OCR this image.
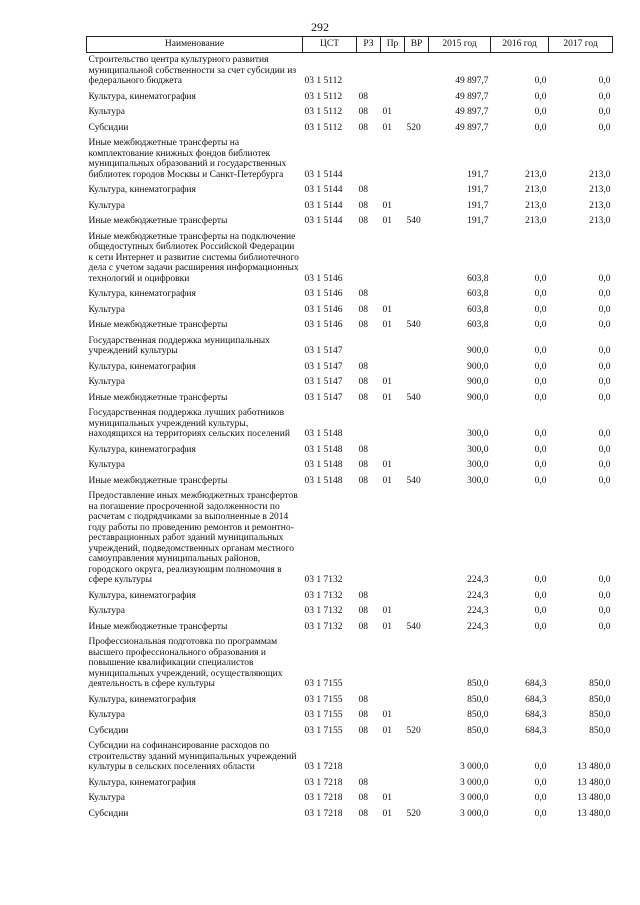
292
Наименование	ЦСТ	РЗ	Пр	ВР	2015 год	2016 год	2017 год
Строительство центра культурного развития муниципальной собственности за счет субсидии из федерального бюджета	03 1 5112				49 897,7	0,0	0,0
Культура, кинематография	03 1 5112	08			49 897,7	0,0	0,0
Культура	03 1 5112	08	01		49 897,7	0,0	0,0
Субсидии	03 1 5112	08	01	520	49 897,7	0,0	0,0
Иные межбюджетные трансферты на комплектование книжных фондов библиотек муниципальных образований и государственных библиотек городов Москвы и Санкт-Петербурга	03 1 5144				191,7	213,0	213,0
Культура, кинематография	03 1 5144	08			191,7	213,0	213,0
Культура	03 1 5144	08	01		191,7	213,0	213,0
Иные межбюджетные трансферты	03 1 5144	08	01	540	191,7	213,0	213,0
Иные межбюджетные трансферты на подключение общедоступных библиотек Российской Федерации к сети Интернет и развитие системы библиотечного дела с учетом задачи расширения информационных технологий и оцифровки	03 1 5146				603,8	0,0	0,0
Культура, кинематография	03 1 5146	08			603,8	0,0	0,0
Культура	03 1 5146	08	01		603,8	0,0	0,0
Иные межбюджетные трансферты	03 1 5146	08	01	540	603,8	0,0	0,0
Государственная поддержка муниципальных учреждений культуры	03 1 5147				900,0	0,0	0,0
Культура, кинематография	03 1 5147	08			900,0	0,0	0,0
Культура	03 1 5147	08	01		900,0	0,0	0,0
Иные межбюджетные трансферты	03 1 5147	08	01	540	900,0	0,0	0,0
Государственная поддержка лучших работников муниципальных учреждений культуры, находящихся на территориях сельских поселений	03 1 5148				300,0	0,0	0,0
Культура, кинематография	03 1 5148	08			300,0	0,0	0,0
Культура	03 1 5148	08	01		300,0	0,0	0,0
Иные межбюджетные трансферты	03 1 5148	08	01	540	300,0	0,0	0,0
Предоставление иных межбюджетных трансфертов на погашение просроченной задолженности по расчетам с подрядчиками за выполненные в 2014 году работы по проведению ремонтов и ремонтно-реставрационных работ зданий муниципальных учреждений, подведомственных органам местного самоуправления муниципальных районов, городского округа, реализующим полномочия в сфере культуры	03 1 7132				224,3	0,0	0,0
Культура, кинематография	03 1 7132	08			224,3	0,0	0,0
Культура	03 1 7132	08	01		224,3	0,0	0,0
Иные межбюджетные трансферты	03 1 7132	08	01	540	224,3	0,0	0,0
Профессиональная подготовка по программам высшего профессионального образования и повышение квалификации специалистов муниципальных учреждений, осуществляющих деятельность в сфере культуры	03 1 7155				850,0	684,3	850,0
Культура, кинематография	03 1 7155	08			850,0	684,3	850,0
Культура	03 1 7155	08	01		850,0	684,3	850,0
Субсидии	03 1 7155	08	01	520	850,0	684,3	850,0
Субсидии на софинансирование расходов по строительству зданий муниципальных учреждений культуры в сельских поселениях области	03 1 7218				3 000,0	0,0	13 480,0
Культура, кинематография	03 1 7218	08			3 000,0	0,0	13 480,0
Культура	03 1 7218	08	01		3 000,0	0,0	13 480,0
Субсидии	03 1 7218	08	01	520	3 000,0	0,0	13 480,0
